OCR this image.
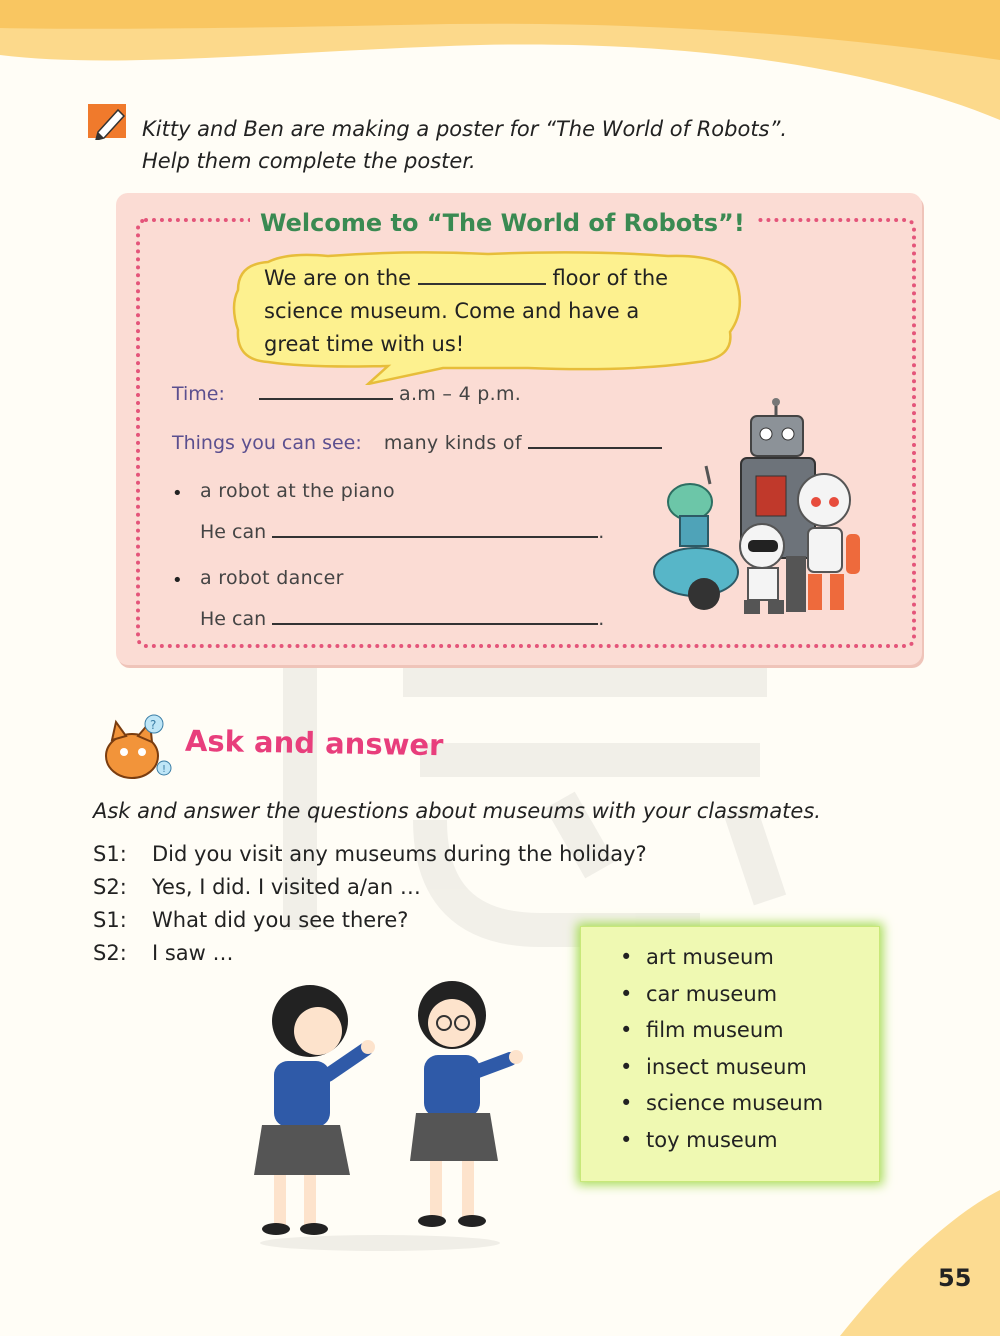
Kitty and Ben are making a poster for “The World of Robots”.
Help them complete the poster.
Welcome to “The World of Robots”!
We are on the	floor of the
science museum. Come and have a
great time with us!
Time:	a.m – 4 p.m.
Things you can see: many kinds of
• a robot at the piano
He can	.
• a robot dancer
He can	.
?
!
Ask and answer
Ask and answer the questions about museums with your classmates.
S1:	Did you visit any museums during the holiday?
S2:	Yes, I did. I visited a/an …
S1:	What did you see there?
S2:	I saw …	• art museum
• car museum
• film museum
• insect museum
• science museum
• toy museum
55
